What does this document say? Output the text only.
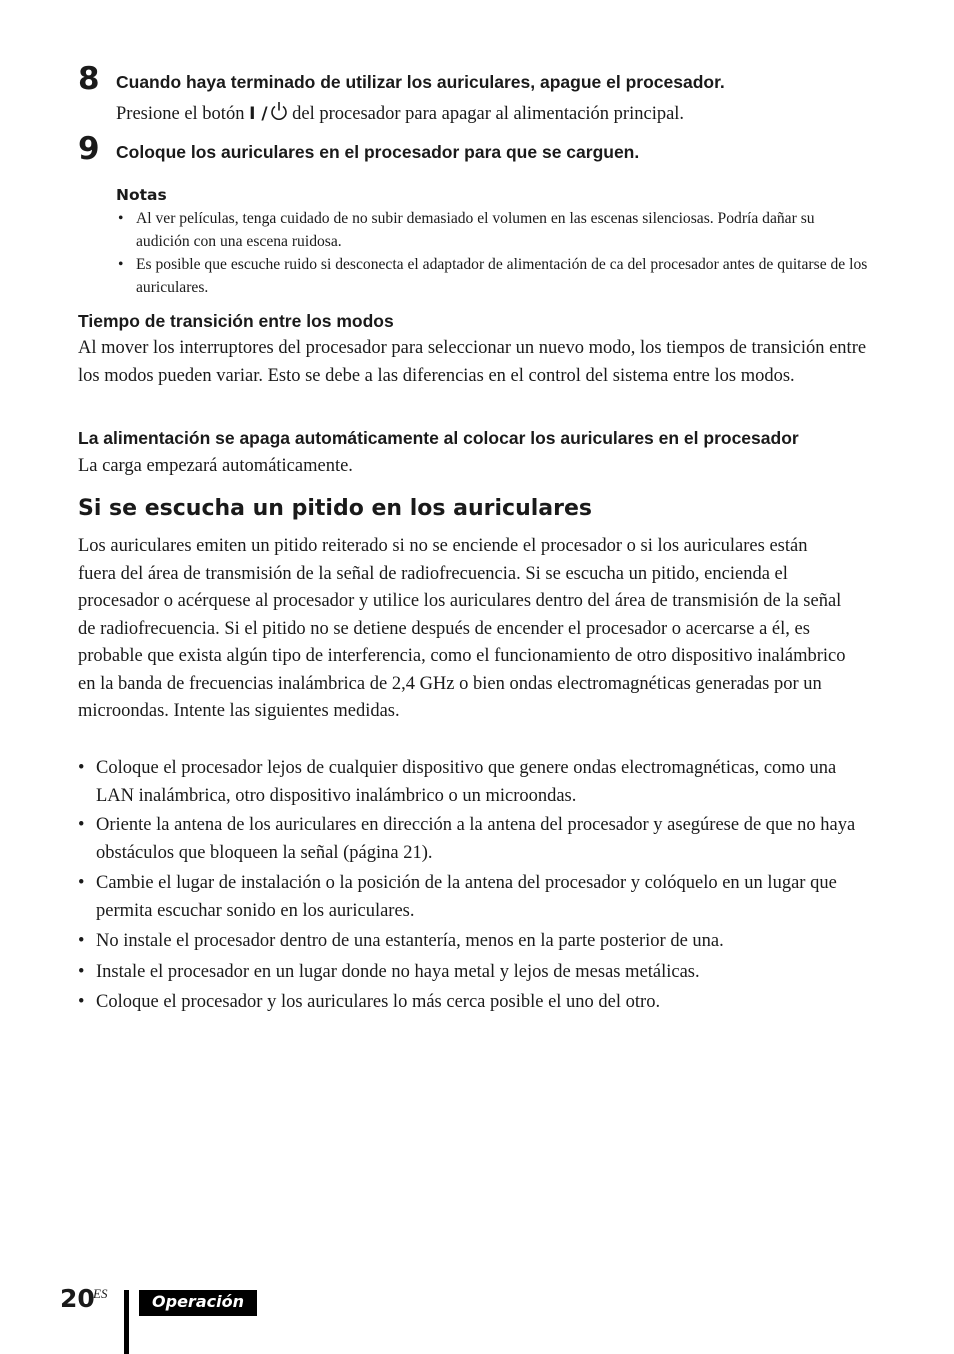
8 Cuando haya terminado de utilizar los auriculares, apague el procesador.
Presione el botón I / del procesador para apagar al alimentación principal.
9 Coloque los auriculares en el procesador para que se carguen.
Notas
• Al ver películas, tenga cuidado de no subir demasiado el volumen en las escenas silenciosas. Podría dañar su audición con una escena ruidosa.
• Es posible que escuche ruido si desconecta el adaptador de alimentación de ca del procesador antes de quitarse de los auriculares.
Tiempo de transición entre los modos
Al mover los interruptores del procesador para seleccionar un nuevo modo, los tiempos de transición entre los modos pueden variar. Esto se debe a las diferencias en el control del sistema entre los modos.
La alimentación se apaga automáticamente al colocar los auriculares en el procesador
La carga empezará automáticamente.
Si se escucha un pitido en los auriculares
Los auriculares emiten un pitido reiterado si no se enciende el procesador o si los auriculares están fuera del área de transmisión de la señal de radiofrecuencia. Si se escucha un pitido, encienda el procesador o acérquese al procesador y utilice los auriculares dentro del área de transmisión de la señal de radiofrecuencia. Si el pitido no se detiene después de encender el procesador o acercarse a él, es probable que exista algún tipo de interferencia, como el funcionamiento de otro dispositivo inalámbrico en la banda de frecuencias inalámbrica de 2,4 GHz o bien ondas electromagnéticas generadas por un microondas. Intente las siguientes medidas.
• Coloque el procesador lejos de cualquier dispositivo que genere ondas electromagnéticas, como una LAN inalámbrica, otro dispositivo inalámbrico o un microondas.
• Oriente la antena de los auriculares en dirección a la antena del procesador y asegúrese de que no haya obstáculos que bloqueen la señal (página 21).
• Cambie el lugar de instalación o la posición de la antena del procesador y colóquelo en un lugar que permita escuchar sonido en los auriculares.
• No instale el procesador dentro de una estantería, menos en la parte posterior de una.
• Instale el procesador en un lugar donde no haya metal y lejos de mesas metálicas.
• Coloque el procesador y los auriculares lo más cerca posible el uno del otro.
20
ES	Operación
